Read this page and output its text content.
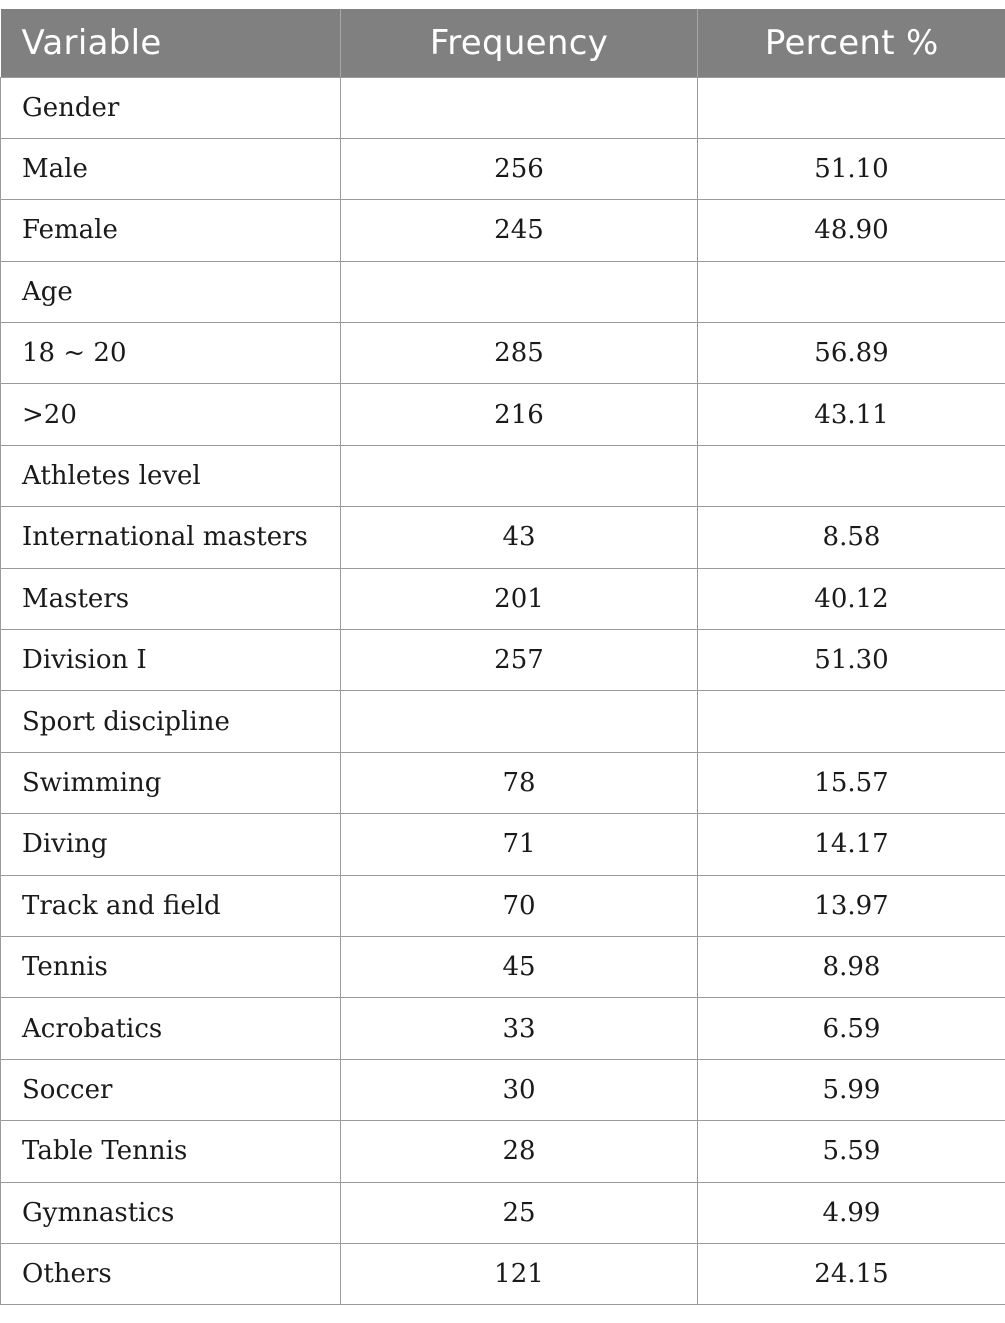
Variable	Frequency	Percent %
Gender		
Male	256	51.10
Female	245	48.90
Age		
18 ~ 20	285	56.89
>20	216	43.11
Athletes level		
International masters	43	8.58
Masters	201	40.12
Division I	257	51.30
Sport discipline		
Swimming	78	15.57
Diving	71	14.17
Track and field	70	13.97
Tennis	45	8.98
Acrobatics	33	6.59
Soccer	30	5.99
Table Tennis	28	5.59
Gymnastics	25	4.99
Others	121	24.15
